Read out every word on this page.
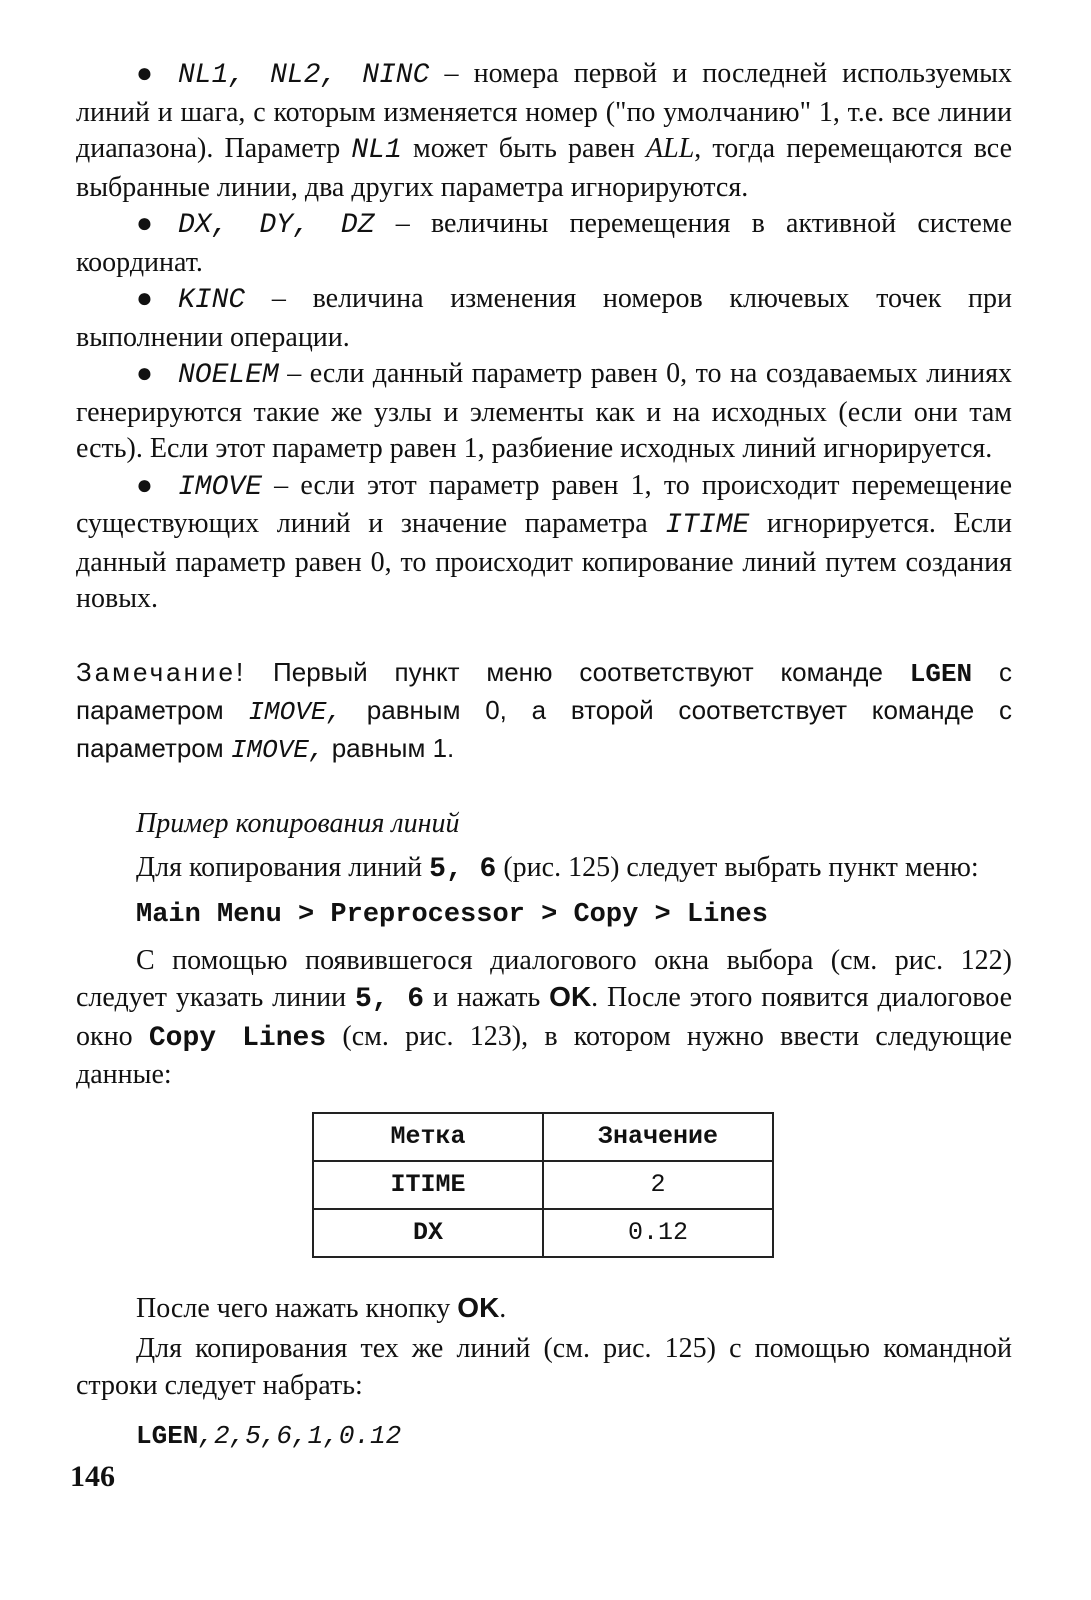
● NL1, NL2, NINC – номера первой и последней используемых линий и шага, с которым изменяется номер ("по умолчанию" 1, т.е. все линии диапазона). Параметр NL1 может быть равен ALL, тогда перемещаются все выбранные линии, два других параметра игнорируются.

● DX, DY, DZ – величины перемещения в активной системе координат.

● KINC – величина изменения номеров ключевых точек при выполнении операции.

● NOELEM – если данный параметр равен 0, то на создаваемых линиях генерируются такие же узлы и элементы как и на исходных (если они там есть). Если этот параметр равен 1, разбиение исходных линий игнорируется.

● IMOVE – если этот параметр равен 1, то происходит перемещение существующих линий и значение параметра ITIME игнорируется. Если данный параметр равен 0, то происходит копирование линий путем создания новых.

Замечание! Первый пункт меню соответствуют команде LGEN с параметром IMOVE, равным 0, а второй соответствует команде с параметром IMOVE, равным 1.

Пример копирования линий

Для копирования линий 5, 6 (рис. 125) следует выбрать пункт меню:

Main Menu > Preprocessor > Copy > Lines

С помощью появившегося диалогового окна выбора (см. рис. 122) следует указать линии 5, 6 и нажать OK. После этого появится диалоговое окно Copy Lines (см. рис. 123), в котором нужно ввести следующие данные:

Метка	Значение
ITIME	2
DX	0.12

После чего нажать кнопку OK.

Для копирования тех же линий (см. рис. 125) с помощью командной строки следует набрать:

LGEN,2,5,6,1,0.12

146
